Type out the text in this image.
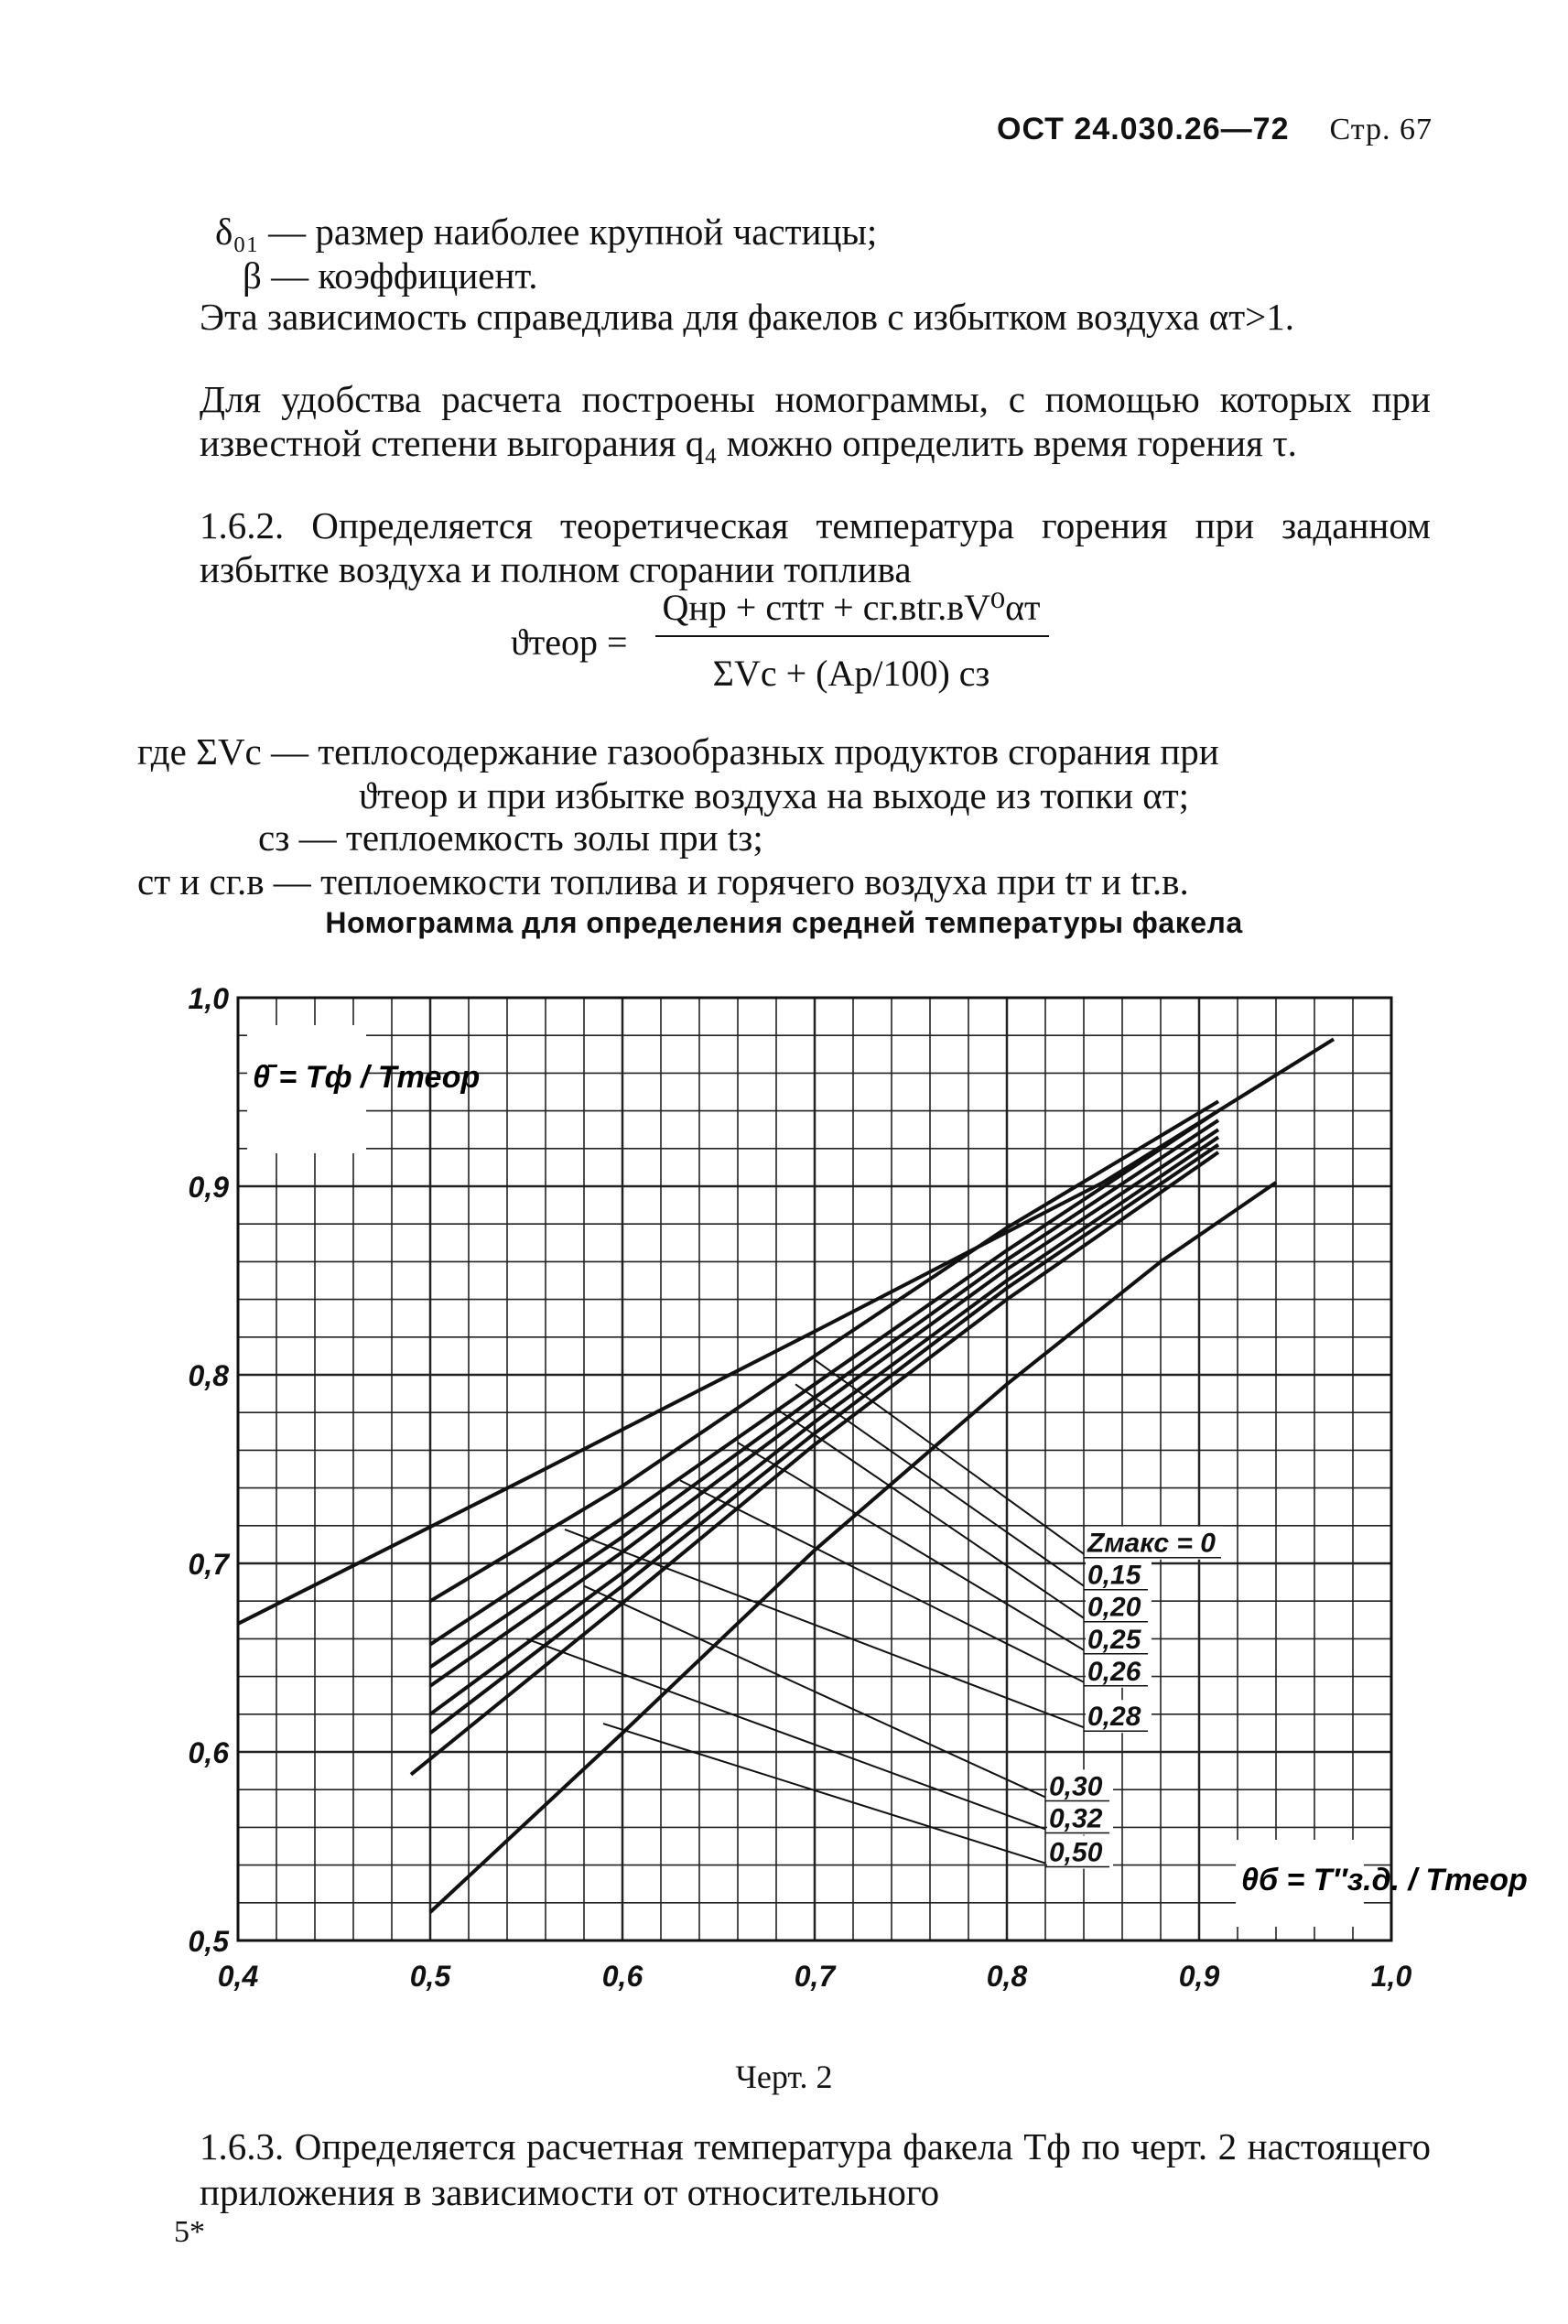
ОСТ 24.030.26—72 Стр. 67
δ₀₁ — размер наиболее крупной частицы;
β — коэффициент.
Эта зависимость справедлива для факелов с избытком воздуха αт>1.
Для удобства расчета построены номограммы, с помощью которых при известной степени выгорания q₄ можно определить время горения τ.
1.6.2. Определяется теоретическая температура горения при заданном избытке воздуха и полном сгорании топлива
ϑтеор =
Qнр + cтtт + cг.вtг.вV⁰αт
ΣVс + (Aр/100) cз
где ΣVс — теплосодержание газообразных продуктов сгорания при
ϑтеор и при избытке воздуха на выходе из топки αт;
cз — теплоемкость золы при tз;
cт и cг.в — теплоемкости топлива и горячего воздуха при tт и tг.в.
Номограмма для определения средней температуры факела
Zмакс = 0
0,15
0,20
0,25
0,26
0,28
0,30
0,32
0,50
0,4	0,5	0,6	0,7	0,8	0,9	1,0
0,5
0,6
0,7
0,8
0,9
1,0
θ̄ = Tф / Tтеор
θб = T″з.д. / Tтеор
Черт. 2
1.6.3. Определяется расчетная температура факела Tф по черт. 2 настоящего приложения в зависимости от относительного
5*
